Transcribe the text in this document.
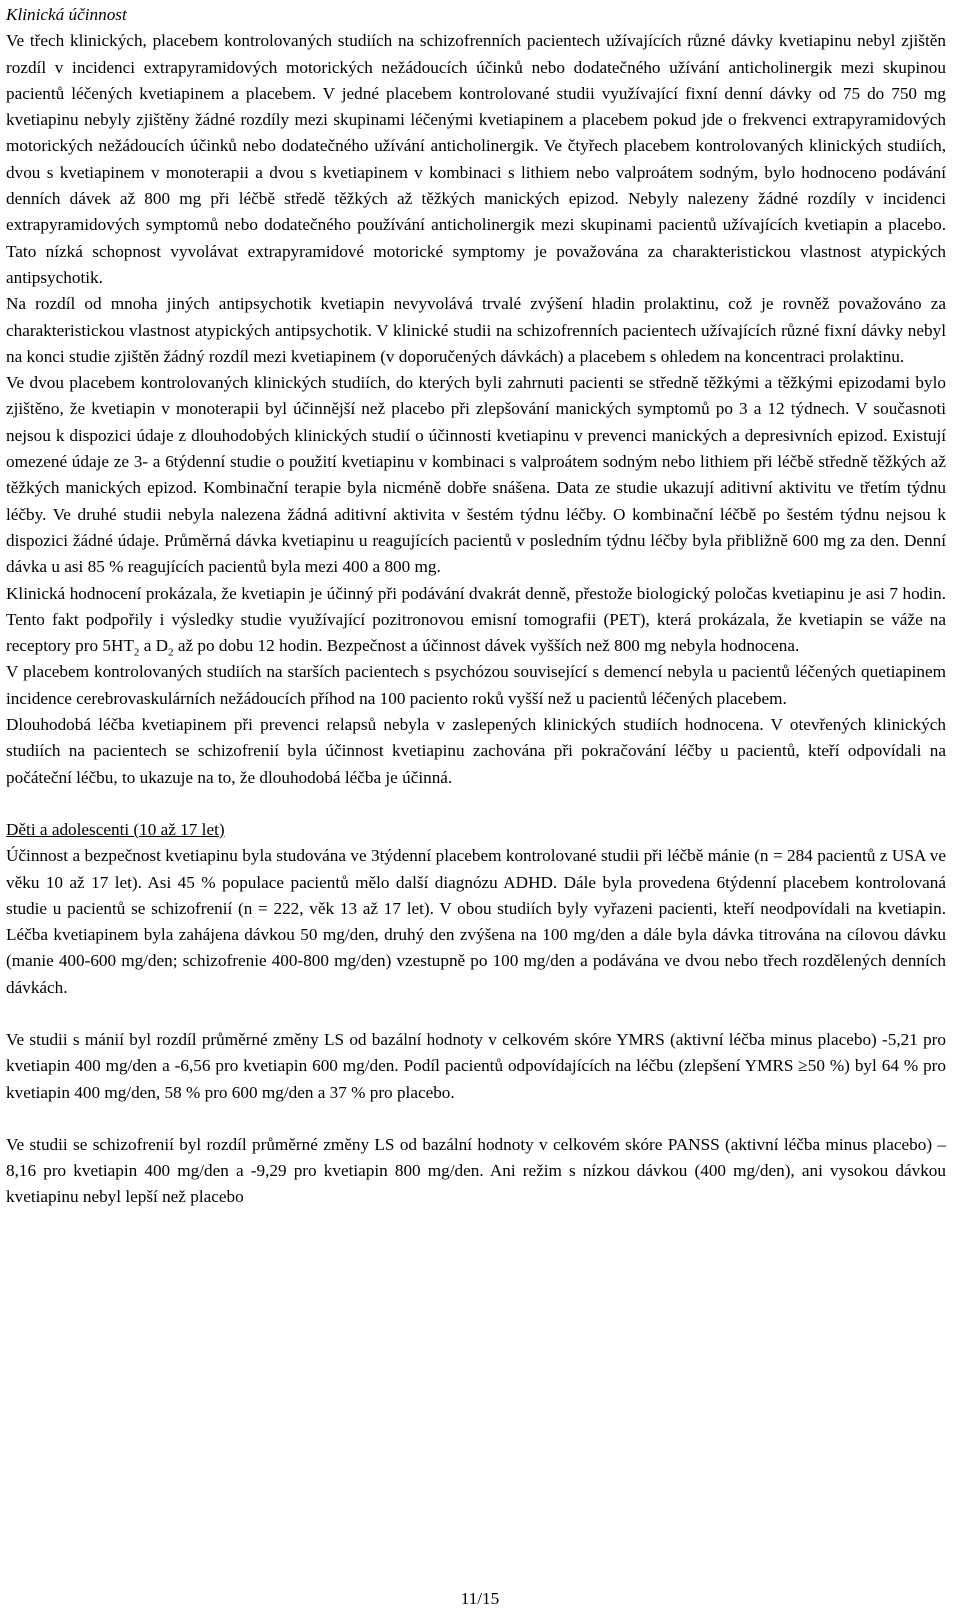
Klinická účinnost

Ve třech klinických, placebem kontrolovaných studiích na schizofrenních pacientech užívajících různé dávky kvetiapinu nebyl zjištěn rozdíl v incidenci extrapyramidových motorických nežádoucích účinků nebo dodatečného užívání anticholinergik mezi skupinou pacientů léčených kvetiapinem a placebem. V jedné placebem kontrolované studii využívající fixní denní dávky od 75 do 750 mg kvetiapinu nebyly zjištěny žádné rozdíly mezi skupinami léčenými kvetiapinem a placebem pokud jde o frekvenci extrapyramidových motorických nežádoucích účinků nebo dodatečného užívání anticholinergik. Ve čtyřech placebem kontrolovaných klinických studiích, dvou s kvetiapinem v monoterapii a dvou s kvetiapinem v kombinaci s lithiem nebo valproátem sodným, bylo hodnoceno podávání denních dávek až 800 mg při léčbě středě těžkých až těžkých manických epizod. Nebyly nalezeny žádné rozdíly v incidenci extrapyramidových symptomů nebo dodatečného používání anticholinergik mezi skupinami pacientů užívajících kvetiapin a placebo. Tato nízká schopnost vyvolávat extrapyramidové motorické symptomy je považována za charakteristickou vlastnost atypických antipsychotik.

Na rozdíl od mnoha jiných antipsychotik kvetiapin nevyvolává trvalé zvýšení hladin prolaktinu, což je rovněž považováno za charakteristickou vlastnost atypických antipsychotik. V klinické studii na schizofrenních pacientech užívajících různé fixní dávky nebyl na konci studie zjištěn žádný rozdíl mezi kvetiapinem (v doporučených dávkách) a placebem s ohledem na koncentraci prolaktinu.

Ve dvou placebem kontrolovaných klinických studiích, do kterých byli zahrnuti pacienti se středně těžkými a těžkými epizodami bylo zjištěno, že kvetiapin v monoterapii byl účinnější než placebo při zlepšování manických symptomů po 3 a 12 týdnech. V současnoti nejsou k dispozici údaje z dlouhodobých klinických studií o účinnosti kvetiapinu v prevenci manických a depresivních epizod. Existují omezené údaje ze 3- a 6týdenní studie o použití kvetiapinu v kombinaci s valproátem sodným nebo lithiem při léčbě středně těžkých až těžkých manických epizod. Kombinační terapie byla nicméně dobře snášena. Data ze studie ukazují aditivní aktivitu ve třetím týdnu léčby. Ve druhé studii nebyla nalezena žádná aditivní aktivita v šestém týdnu léčby. O kombinační léčbě po šestém týdnu nejsou k dispozici žádné údaje. Průměrná dávka kvetiapinu u reagujících pacientů v posledním týdnu léčby byla přibližně 600 mg za den. Denní dávka u asi 85 % reagujících pacientů byla mezi 400 a 800 mg.

Klinická hodnocení prokázala, že kvetiapin je účinný při podávání dvakrát denně, přestože biologický poločas kvetiapinu je asi 7 hodin. Tento fakt podpořily i výsledky studie využívající pozitronovou emisní tomografii (PET), která prokázala, že kvetiapin se váže na receptory pro $5HT_2$ a $D_2$ až po dobu 12 hodin. Bezpečnost a účinnost dávek vyšších než 800 mg nebyla hodnocena.

V placebem kontrolovaných studiích na starších pacientech s psychózou související s demencí nebyla u pacientů léčených quetiapinem incidence cerebrovaskulárních nežádoucích příhod na 100 paciento roků vyšší než u pacientů léčených placebem.

Dlouhodobá léčba kvetiapinem při prevenci relapsů nebyla v zaslepených klinických studiích hodnocena. V otevřených klinických studiích na pacientech se schizofrenií byla účinnost kvetiapinu zachována při pokračování léčby u pacientů, kteří odpovídali na počáteční léčbu, to ukazuje na to, že dlouhodobá léčba je účinná.

Děti a adolescenti (10 až 17 let)

Účinnost a bezpečnost kvetiapinu byla studována ve 3týdenní placebem kontrolované studii při léčbě mánie (n = 284 pacientů z USA ve věku 10 až 17 let). Asi 45 % populace pacientů mělo další diagnózu ADHD. Dále byla provedena 6týdenní placebem kontrolovaná studie u pacientů se schizofrenií (n = 222, věk 13 až 17 let). V obou studiích byly vyřazeni pacienti, kteří neodpovídali na kvetiapin. Léčba kvetiapinem byla zahájena dávkou 50 mg/den, druhý den zvýšena na 100 mg/den a dále byla dávka titrována na cílovou dávku (manie 400-600 mg/den; schizofrenie 400-800 mg/den) vzestupně po 100 mg/den a podávána ve dvou nebo třech rozdělených denních dávkách.

Ve studii s mánií byl rozdíl průměrné změny LS od bazální hodnoty v celkovém skóre YMRS (aktivní léčba minus placebo) -5,21 pro kvetiapin 400 mg/den a -6,56 pro kvetiapin 600 mg/den. Podíl pacientů odpovídajících na léčbu (zlepšení YMRS ≥50 %) byl 64 % pro kvetiapin 400 mg/den, 58 % pro 600 mg/den a 37 % pro placebo.

Ve studii se schizofrenií byl rozdíl průměrné změny LS od bazální hodnoty v celkovém skóre PANSS (aktivní léčba minus placebo) – 8,16 pro kvetiapin 400 mg/den a -9,29 pro kvetiapin 800 mg/den. Ani režim s nízkou dávkou (400 mg/den), ani vysokou dávkou kvetiapinu nebyl lepší než placebo

11/15
